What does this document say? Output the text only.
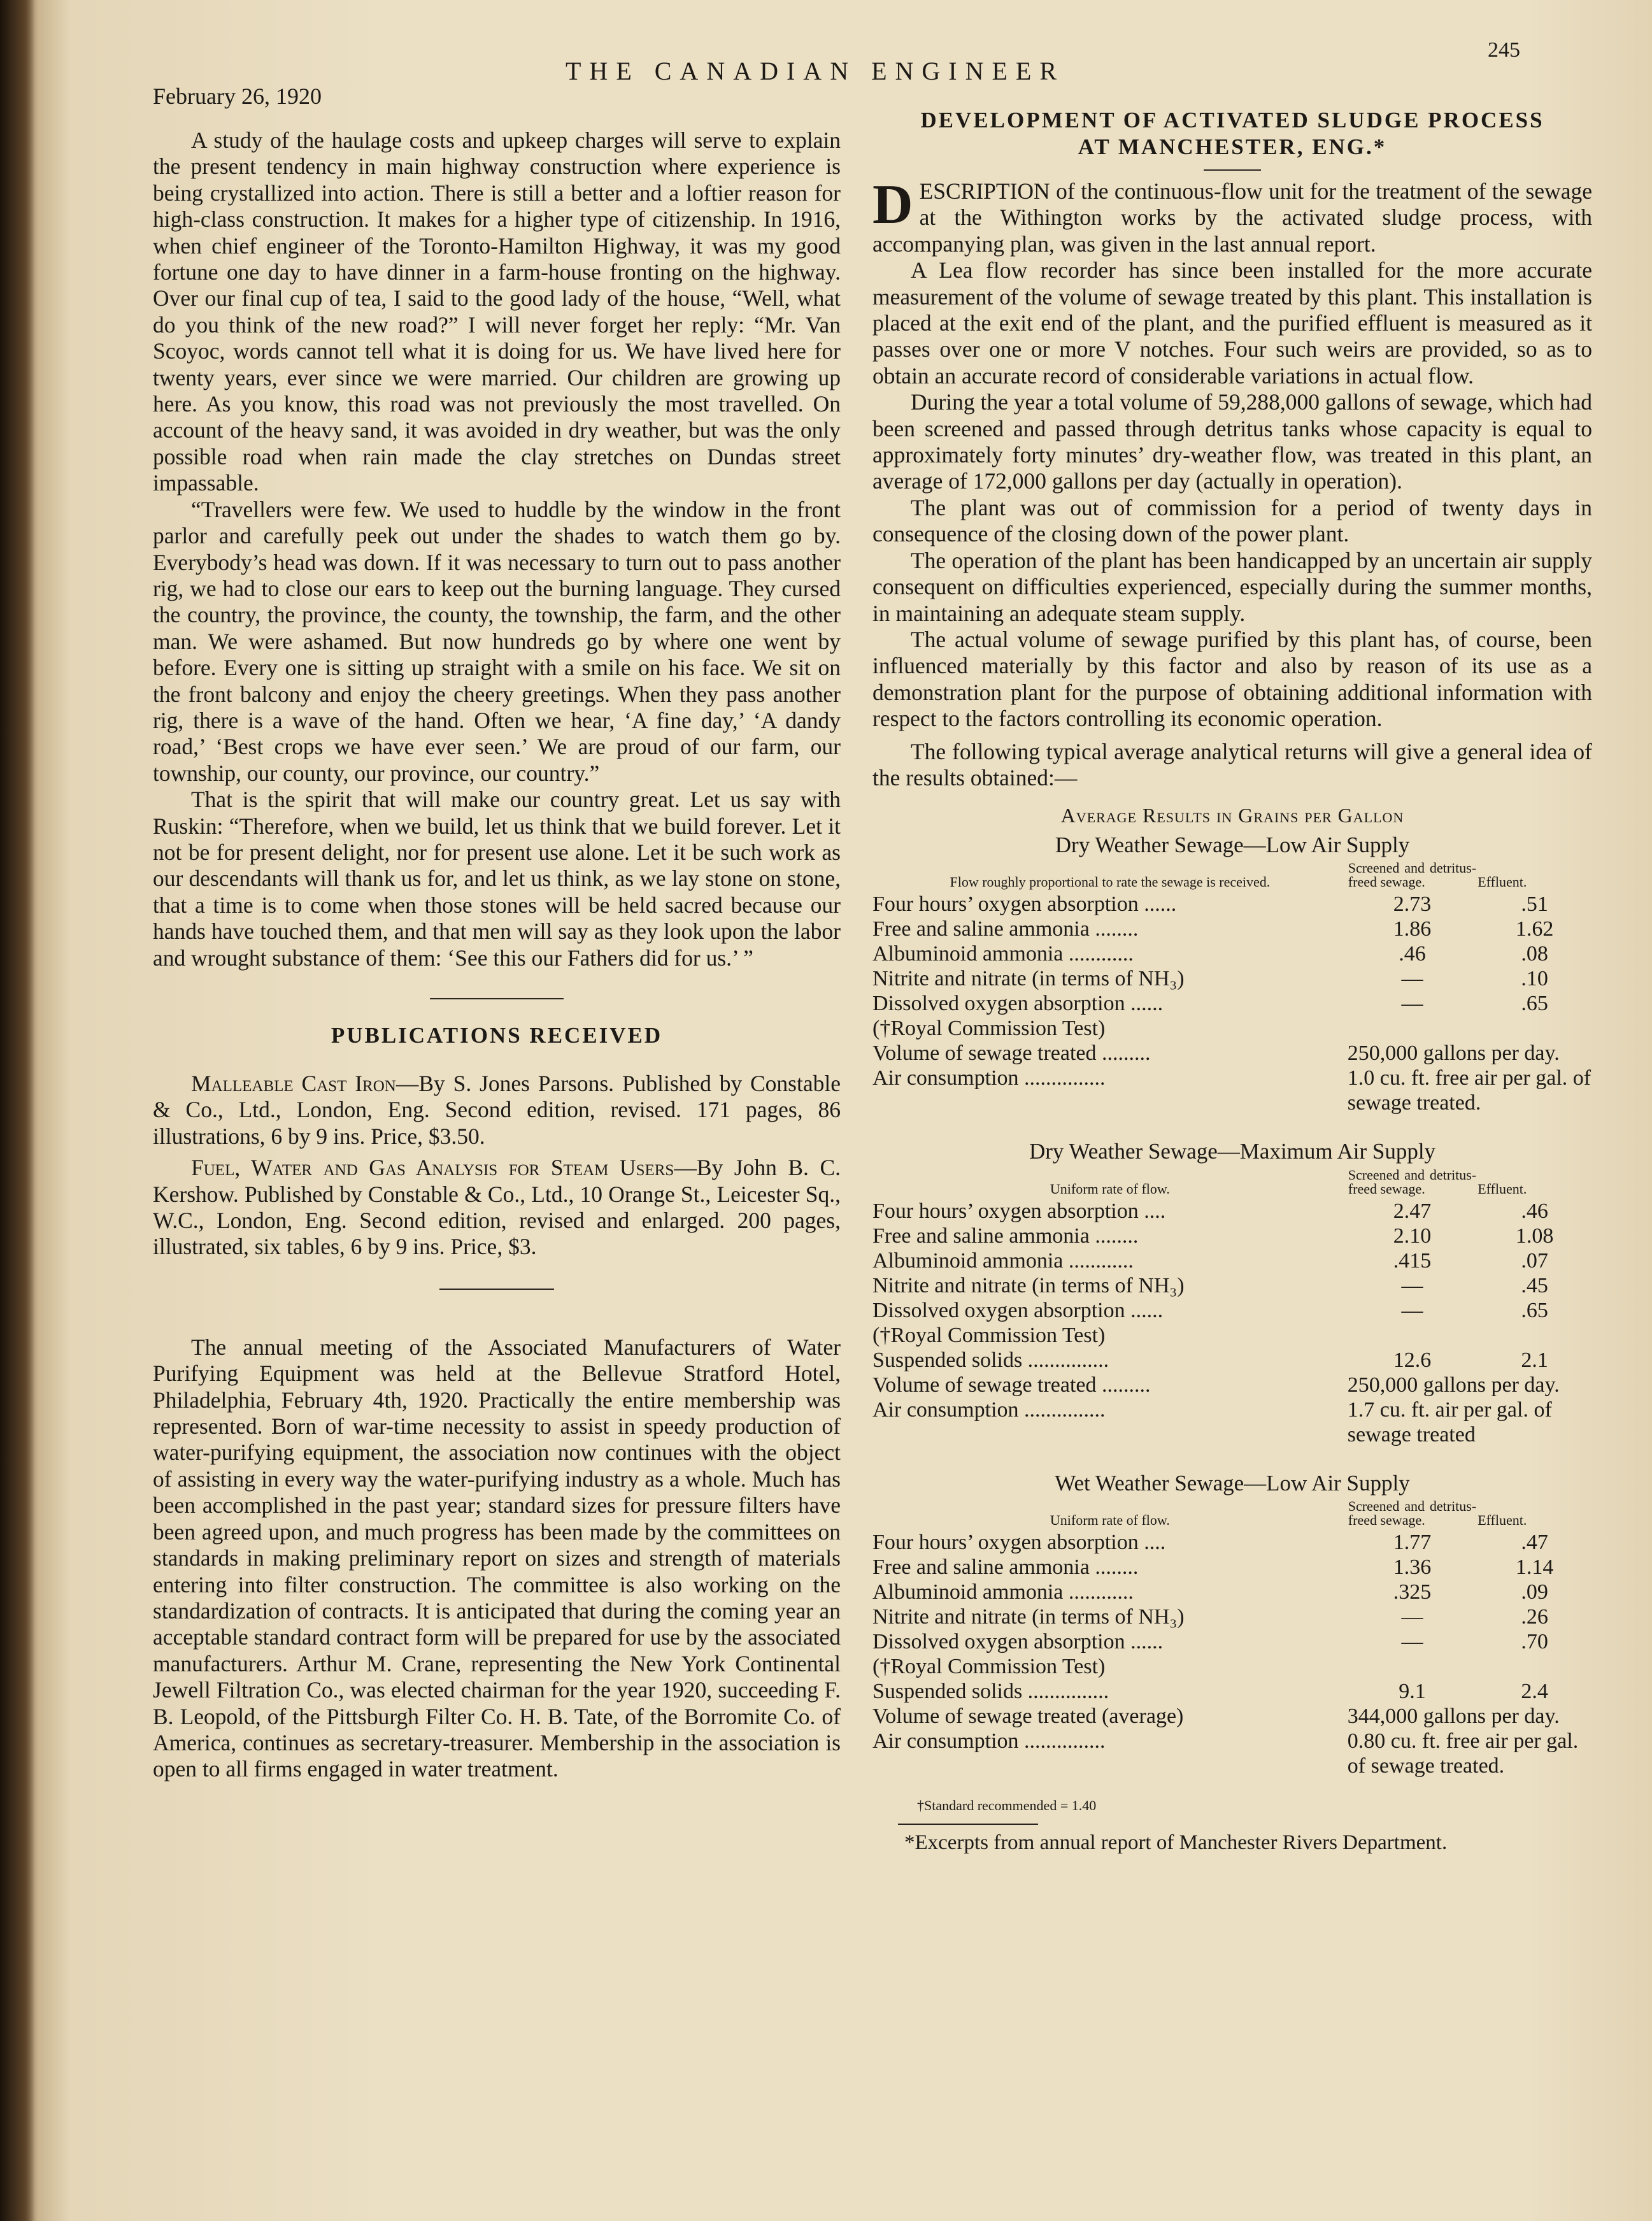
February 26, 1920
THE CANADIAN ENGINEER
245

A study of the haulage costs and upkeep charges will serve to explain the present tendency in main highway construction where experience is being crystallized into action. There is still a better and a loftier reason for high-class construction. It makes for a higher type of citizenship. In 1916, when chief engineer of the Toronto-Hamilton Highway, it was my good fortune one day to have dinner in a farm-house fronting on the highway. Over our final cup of tea, I said to the good lady of the house, “Well, what do you think of the new road?” I will never forget her reply: “Mr. Van Scoyoc, words cannot tell what it is doing for us. We have lived here for twenty years, ever since we were married. Our children are growing up here. As you know, this road was not previously the most travelled. On account of the heavy sand, it was avoided in dry weather, but was the only possible road when rain made the clay stretches on Dundas street impassable.

“Travellers were few. We used to huddle by the window in the front parlor and carefully peek out under the shades to watch them go by. Everybody’s head was down. If it was necessary to turn out to pass another rig, we had to close our ears to keep out the burning language. They cursed the country, the province, the county, the township, the farm, and the other man. We were ashamed. But now hundreds go by where one went by before. Every one is sitting up straight with a smile on his face. We sit on the front balcony and enjoy the cheery greetings. When they pass another rig, there is a wave of the hand. Often we hear, ‘A fine day,’ ‘A dandy road,’ ‘Best crops we have ever seen.’ We are proud of our farm, our township, our county, our province, our country.”

That is the spirit that will make our country great. Let us say with Ruskin: “Therefore, when we build, let us think that we build forever. Let it not be for present delight, nor for present use alone. Let it be such work as our descendants will thank us for, and let us think, as we lay stone on stone, that a time is to come when those stones will be held sacred because our hands have touched them, and that men will say as they look upon the labor and wrought substance of them: ‘See this our Fathers did for us.’ ”

PUBLICATIONS RECEIVED

Malleable Cast Iron—By S. Jones Parsons. Published by Constable & Co., Ltd., London, Eng. Second edition, revised. 171 pages, 86 illustrations, 6 by 9 ins. Price, $3.50.

Fuel, Water and Gas Analysis for Steam Users—By John B. C. Kershow. Published by Constable & Co., Ltd., 10 Orange St., Leicester Sq., W.C., London, Eng. Second edition, revised and enlarged. 200 pages, illustrated, six tables, 6 by 9 ins. Price, $3.

The annual meeting of the Associated Manufacturers of Water Purifying Equipment was held at the Bellevue Stratford Hotel, Philadelphia, February 4th, 1920. Practically the entire membership was represented. Born of war-time necessity to assist in speedy production of water-purifying equipment, the association now continues with the object of assisting in every way the water-purifying industry as a whole. Much has been accomplished in the past year; standard sizes for pressure filters have been agreed upon, and much progress has been made by the committees on standards in making preliminary report on sizes and strength of materials entering into filter construction. The committee is also working on the standardization of contracts. It is anticipated that during the coming year an acceptable standard contract form will be prepared for use by the associated manufacturers. Arthur M. Crane, representing the New York Continental Jewell Filtration Co., was elected chairman for the year 1920, succeeding F. B. Leopold, of the Pittsburgh Filter Co. H. B. Tate, of the Borromite Co. of America, continues as secretary-treasurer. Membership in the association is open to all firms engaged in water treatment.

DEVELOPMENT OF ACTIVATED SLUDGE PROCESS
AT MANCHESTER, ENG.*

DESCRIPTION of the continuous-flow unit for the treatment of the sewage at the Withington works by the activated sludge process, with accompanying plan, was given in the last annual report.

A Lea flow recorder has since been installed for the more accurate measurement of the volume of sewage treated by this plant. This installation is placed at the exit end of the plant, and the purified effluent is measured as it passes over one or more V notches. Four such weirs are provided, so as to obtain an accurate record of considerable variations in actual flow.

During the year a total volume of 59,288,000 gallons of sewage, which had been screened and passed through detritus tanks whose capacity is equal to approximately forty minutes’ dry-weather flow, was treated in this plant, an average of 172,000 gallons per day (actually in operation).

The plant was out of commission for a period of twenty days in consequence of the closing down of the power plant.

The operation of the plant has been handicapped by an uncertain air supply consequent on difficulties experienced, especially during the summer months, in maintaining an adequate steam supply.

The actual volume of sewage purified by this plant has, of course, been influenced materially by this factor and also by reason of its use as a demonstration plant for the purpose of obtaining additional information with respect to the factors controlling its economic operation.

The following typical average analytical returns will give a general idea of the results obtained:—

Average Results in Grains per Gallon
Dry Weather Sewage—Low Air Supply
Flow roughly proportional to rate the sewage is received.	Screened and detritus-freed sewage.	Effluent.
Four hours’ oxygen absorption ......	2.73	.51
Free and saline ammonia ........	1.86	1.62
Albuminoid ammonia ............	.46	.08
Nitrite and nitrate (in terms of NH₃)	—	.10
Dissolved oxygen absorption ......	—	.65
(†Royal Commission Test)		
Volume of sewage treated .........	250,000 gallons per day.	
Air consumption ...............	1.0 cu. ft. free air per gal. of sewage treated.	
Dry Weather Sewage—Maximum Air Supply
Uniform rate of flow.	Screened and detritus-freed sewage.	Effluent.
Four hours’ oxygen absorption ....	2.47	.46
Free and saline ammonia ........	2.10	1.08
Albuminoid ammonia ............	.415	.07
Nitrite and nitrate (in terms of NH₃)	—	.45
Dissolved oxygen absorption ......	—	.65
(†Royal Commission Test)		
Suspended solids ...............	12.6	2.1
Volume of sewage treated .........	250,000 gallons per day.	
Air consumption ...............	1.7 cu. ft. air per gal. of sewage treated	
Wet Weather Sewage—Low Air Supply
Uniform rate of flow.	Screened and detritus-freed sewage.	Effluent.
Four hours’ oxygen absorption ....	1.77	.47
Free and saline ammonia ........	1.36	1.14
Albuminoid ammonia ............	.325	.09
Nitrite and nitrate (in terms of NH₃)	—	.26
Dissolved oxygen absorption ......	—	.70
(†Royal Commission Test)		
Suspended solids ...............	9.1	2.4
Volume of sewage treated (average)	344,000 gallons per day.	
Air consumption ...............	0.80 cu. ft. free air per gal. of sewage treated.	
†Standard recommended = 1.40
*Excerpts from annual report of Manchester Rivers Department.
